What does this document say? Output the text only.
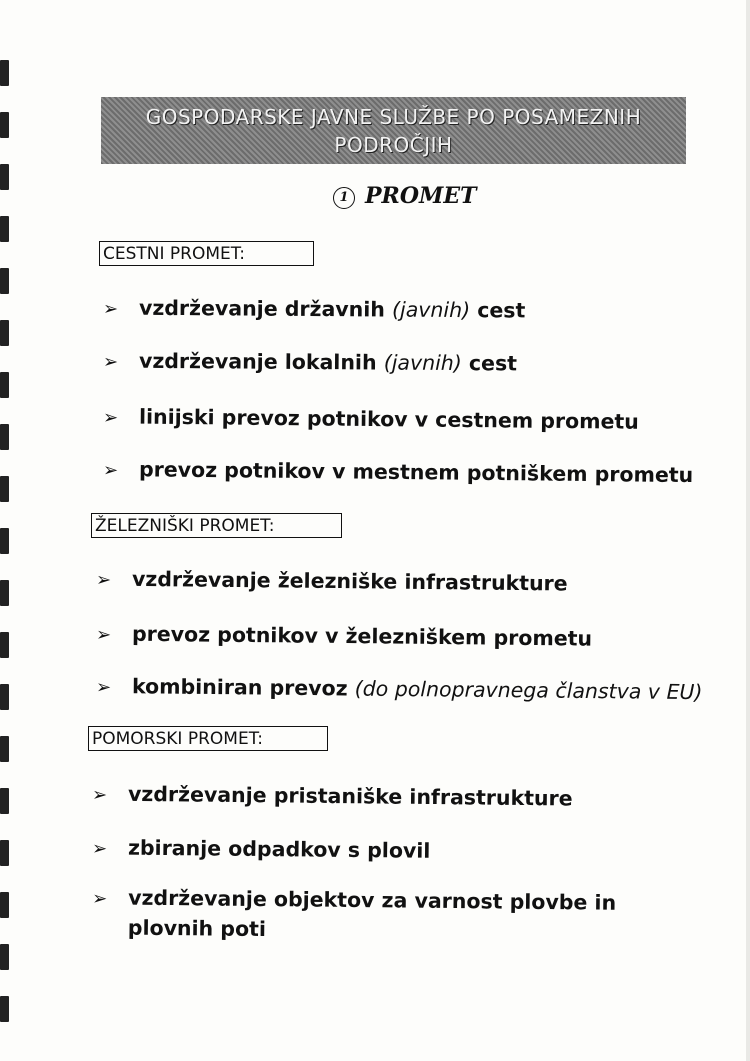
GOSPODARSKE JAVNE SLUŽBE PO POSAMEZNIH
PODROČJIH
1 PROMET
CESTNI PROMET:
➢ vzdrževanje državnih (javnih) cest
➢ vzdrževanje lokalnih (javnih) cest
➢ linijski prevoz potnikov v cestnem prometu
➢ prevoz potnikov v mestnem potniškem prometu
ŽELEZNIŠKI PROMET:
➢ vzdrževanje železniške infrastrukture
➢ prevoz potnikov v železniškem prometu
➢ kombiniran prevoz (do polnopravnega članstva v EU)
POMORSKI PROMET:
➢ vzdrževanje pristaniške infrastrukture
➢ zbiranje odpadkov s plovil
➢ vzdrževanje objektov za varnost plovbe in
plovnih poti
